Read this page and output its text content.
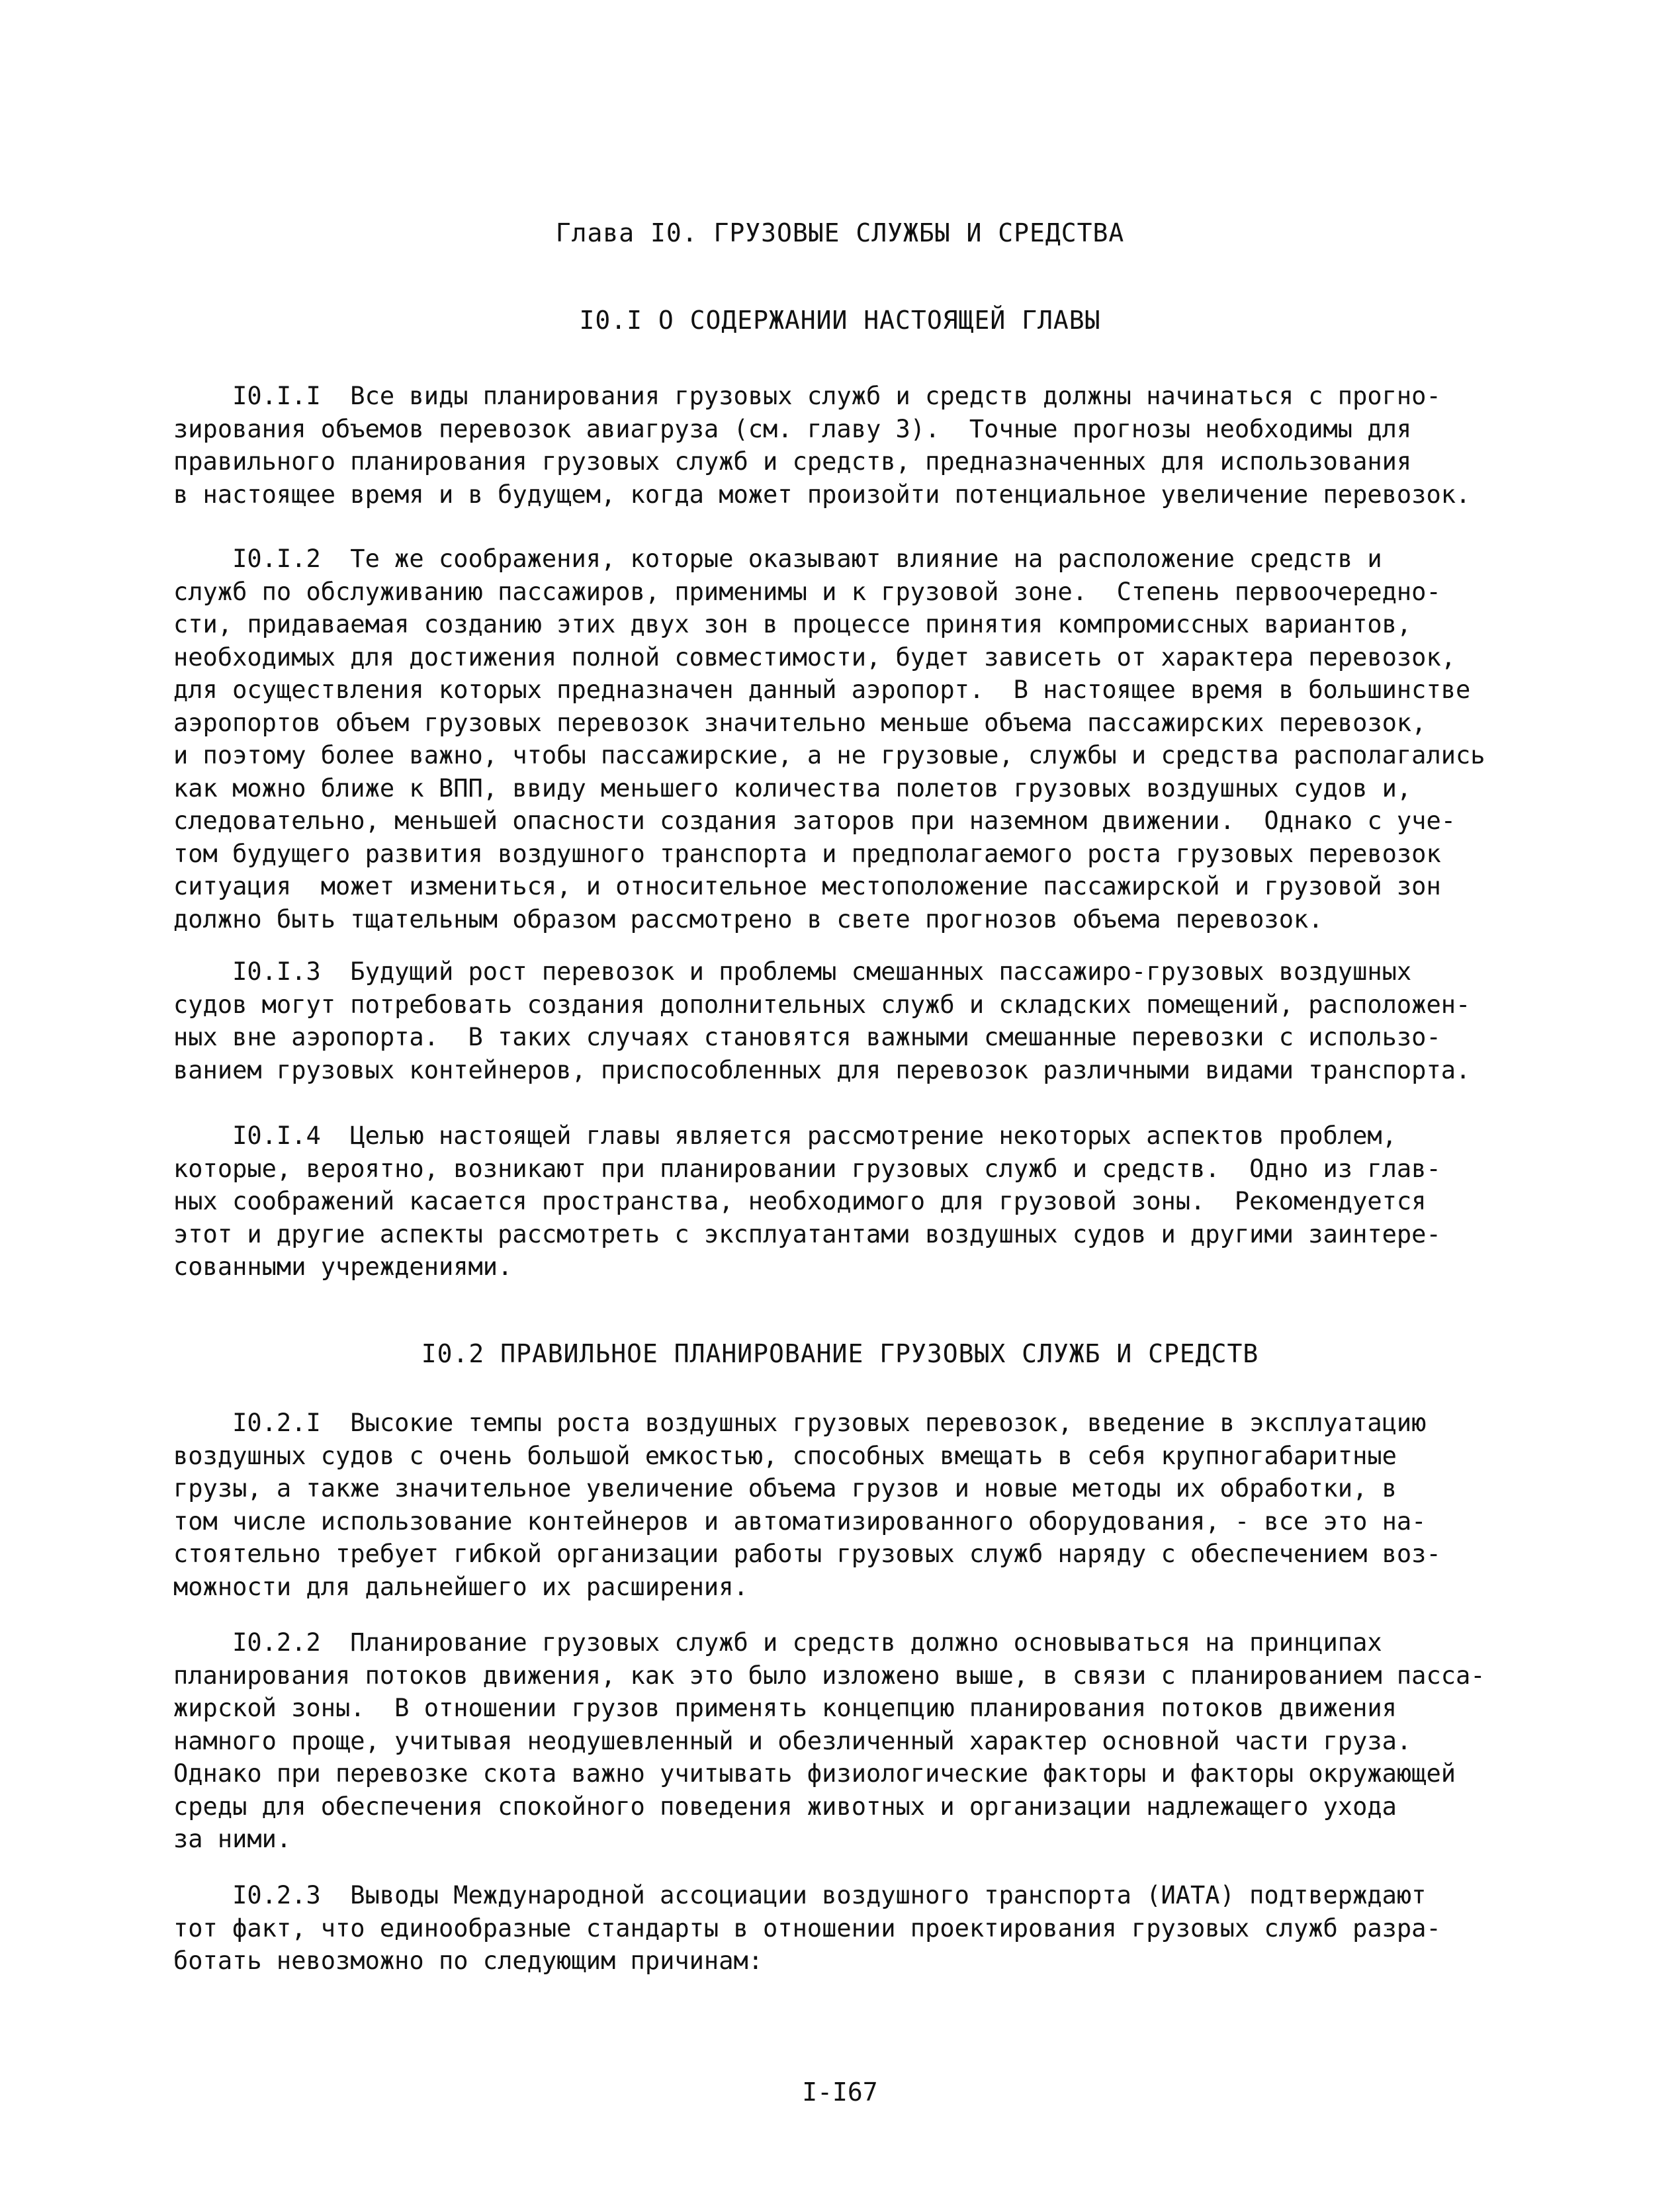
Глава I0. ГРУЗОВЫЕ СЛУЖБЫ И СРЕДСТВА
I0.I О СОДЕРЖАНИИ НАСТОЯЩЕЙ ГЛАВЫ
I0.I.I  Все виды планирования грузовых служб и средств должны начинаться с прогно-
зирования объемов перевозок авиагруза (см. главу 3).  Точные прогнозы необходимы для
правильного планирования грузовых служб и средств, предназначенных для использования
в настоящее время и в будущем, когда может произойти потенциальное увеличение перевозок.
I0.I.2  Те же соображения, которые оказывают влияние на расположение средств и
служб по обслуживанию пассажиров, применимы и к грузовой зоне.  Степень первоочередно-
сти, придаваемая созданию этих двух зон в процессе принятия компромиссных вариантов,
необходимых для достижения полной совместимости, будет зависеть от характера перевозок,
для осуществления которых предназначен данный аэропорт.  В настоящее время в большинстве
аэропортов объем грузовых перевозок значительно меньше объема пассажирских перевозок,
и поэтому более важно, чтобы пассажирские, а не грузовые, службы и средства располагались
как можно ближе к ВПП, ввиду меньшего количества полетов грузовых воздушных судов и,
следовательно, меньшей опасности создания заторов при наземном движении.  Однако с уче-
том будущего развития воздушного транспорта и предполагаемого роста грузовых перевозок
ситуация  может измениться, и относительное местоположение пассажирской и грузовой зон
должно быть тщательным образом рассмотрено в свете прогнозов объема перевозок.
I0.I.3  Будущий рост перевозок и проблемы смешанных пассажиро-грузовых воздушных
судов могут потребовать создания дополнительных служб и складских помещений, расположен-
ных вне аэропорта.  В таких случаях становятся важными смешанные перевозки с использо-
ванием грузовых контейнеров, приспособленных для перевозок различными видами транспорта.
I0.I.4  Целью настоящей главы является рассмотрение некоторых аспектов проблем,
которые, вероятно, возникают при планировании грузовых служб и средств.  Одно из глав-
ных соображений касается пространства, необходимого для грузовой зоны.  Рекомендуется
этот и другие аспекты рассмотреть с эксплуатантами воздушных судов и другими заинтере-
сованными учреждениями.
I0.2 ПРАВИЛЬНОЕ ПЛАНИРОВАНИЕ ГРУЗОВЫХ СЛУЖБ И СРЕДСТВ
I0.2.I  Высокие темпы роста воздушных грузовых перевозок, введение в эксплуатацию
воздушных судов с очень большой емкостью, способных вмещать в себя крупногабаритные
грузы, а также значительное увеличение объема грузов и новые методы их обработки, в
том числе использование контейнеров и автоматизированного оборудования, - все это на-
стоятельно требует гибкой организации работы грузовых служб наряду с обеспечением воз-
можности для дальнейшего их расширения.
I0.2.2  Планирование грузовых служб и средств должно основываться на принципах
планирования потоков движения, как это было изложено выше, в связи с планированием пасса-
жирской зоны.  В отношении грузов применять концепцию планирования потоков движения
намного проще, учитывая неодушевленный и обезличенный характер основной части груза.
Однако при перевозке скота важно учитывать физиологические факторы и факторы окружающей
среды для обеспечения спокойного поведения животных и организации надлежащего ухода
за ними.
I0.2.3  Выводы Международной ассоциации воздушного транспорта (ИАТА) подтверждают
тот факт, что единообразные стандарты в отношении проектирования грузовых служб разра-
ботать невозможно по следующим причинам:
I-I67
